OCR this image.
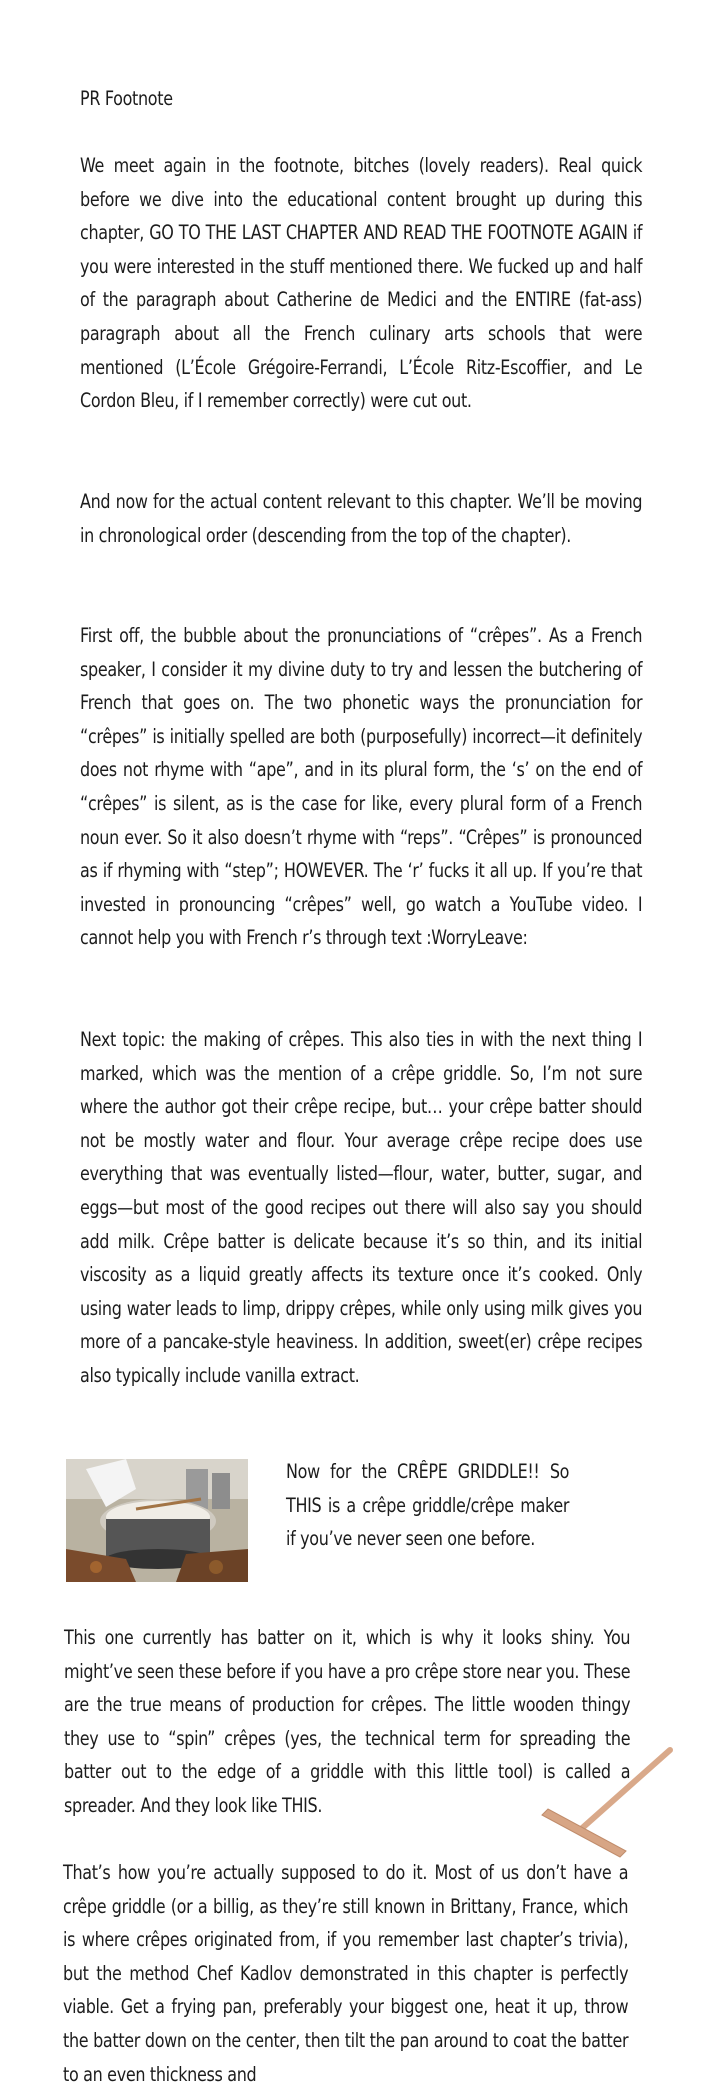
PR Footnote

We meet again in the footnote, bitches (lovely readers). Real quick before we dive into the educational content brought up during this chapter, GO TO THE LAST CHAPTER AND READ THE FOOTNOTE AGAIN if you were interested in the stuff mentioned there. We fucked up and half of the paragraph about Catherine de Medici and the ENTIRE (fat-ass) paragraph about all the French culinary arts schools that were mentioned (L’École Grégoire-Ferrandi, L’École Ritz-Escoffier, and Le Cordon Bleu, if I remember correctly) were cut out.

And now for the actual content relevant to this chapter. We’ll be moving in chronological order (descending from the top of the chapter).

First off, the bubble about the pronunciations of “crêpes”. As a French speaker, I consider it my divine duty to try and lessen the butchering of French that goes on. The two phonetic ways the pronunciation for “crêpes” is initially spelled are both (purposefully) incorrect—it definitely does not rhyme with “ape”, and in its plural form, the ‘s’ on the end of “crêpes” is silent, as is the case for like, every plural form of a French noun ever. So it also doesn’t rhyme with “reps”. “Crêpes” is pronounced as if rhyming with “step”; HOWEVER. The ‘r’ fucks it all up. If you’re that invested in pronouncing “crêpes” well, go watch a YouTube video. I cannot help you with French r’s through text :WorryLeave:

Next topic: the making of crêpes. This also ties in with the next thing I marked, which was the mention of a crêpe griddle. So, I’m not sure where the author got their crêpe recipe, but… your crêpe batter should not be mostly water and flour. Your average crêpe recipe does use everything that was eventually listed—flour, water, butter, sugar, and eggs—but most of the good recipes out there will also say you should add milk. Crêpe batter is delicate because it’s so thin, and its initial viscosity as a liquid greatly affects its texture once it’s cooked. Only using water leads to limp, drippy crêpes, while only using milk gives you more of a pancake-style heaviness. In addition, sweet(er) crêpe recipes also typically include vanilla extract.

Now for the CRÊPE GRIDDLE!! So THIS is a crêpe griddle/crêpe maker if you’ve never seen one before.

This one currently has batter on it, which is why it looks shiny. You might’ve seen these before if you have a pro crêpe store near you. These are the true means of production for crêpes. The little wooden thingy they use to “spin” crêpes (yes, the technical term for spreading the batter out to the edge of a griddle with this little tool) is called a spreader. And they look like THIS.

That’s how you’re actually supposed to do it. Most of us don’t have a crêpe griddle (or a billig, as they’re still known in Brittany, France, which is where crêpes originated from, if you remember last chapter’s trivia), but the method Chef Kadlov demonstrated in this chapter is perfectly viable. Get a frying pan, preferably your biggest one, heat it up, throw the batter down on the center, then tilt the pan around to coat the batter to an even thickness and
